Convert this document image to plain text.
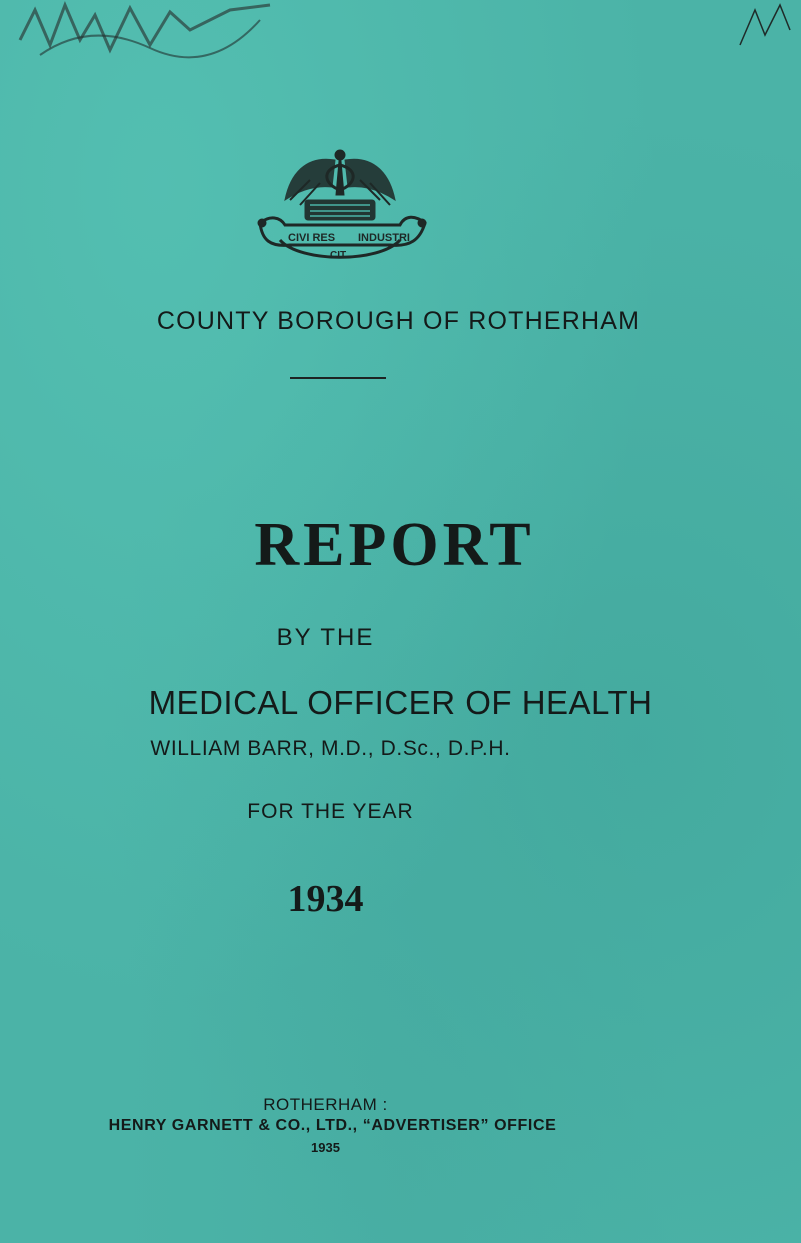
CIVI RES
CIT
INDUSTRI
COUNTY BOROUGH OF ROTHERHAM
REPORT
BY THE
MEDICAL OFFICER OF HEALTH
WILLIAM BARR, M.D., D.Sc., D.P.H.
FOR THE YEAR
1934
ROTHERHAM :
HENRY GARNETT & CO., LTD., “ADVERTISER” OFFICE
1935
